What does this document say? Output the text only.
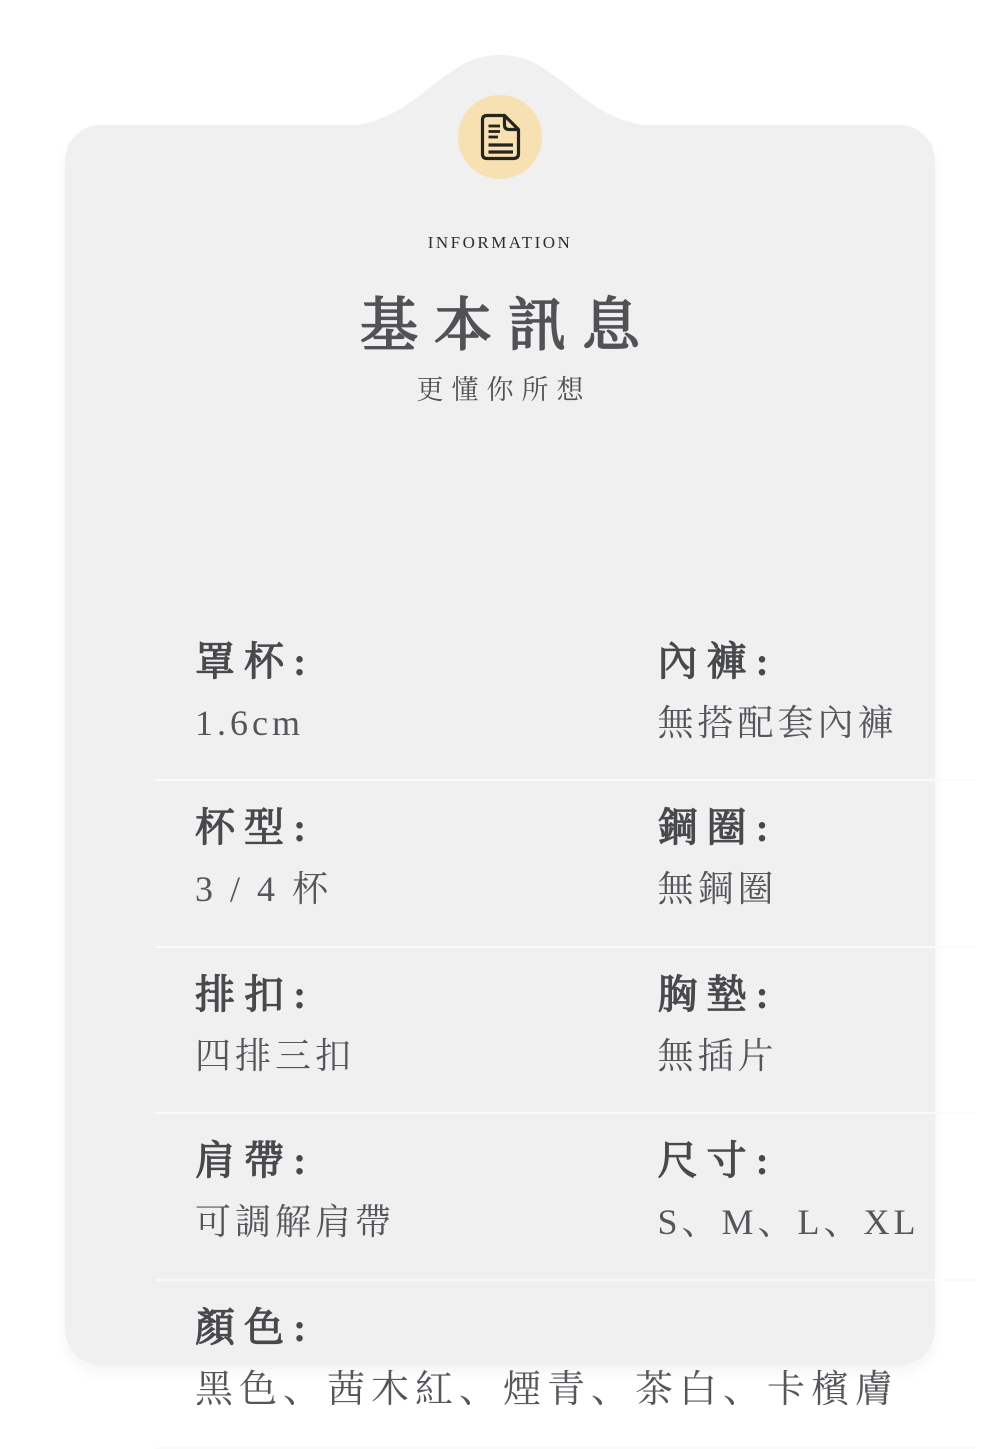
罩杯:
1.6cm
內褲:
無搭配套內褲
杯型:
3 / 4 杯
鋼圈:
無鋼圈
排扣:
四排三扣
胸墊:
無插片
肩帶:
可調解肩帶
尺寸:
S、M、L、XL
顏色:
黑色、茜木紅、煙青、茶白、卡檳膚
INFORMATION
基本訊息
更懂你所想
